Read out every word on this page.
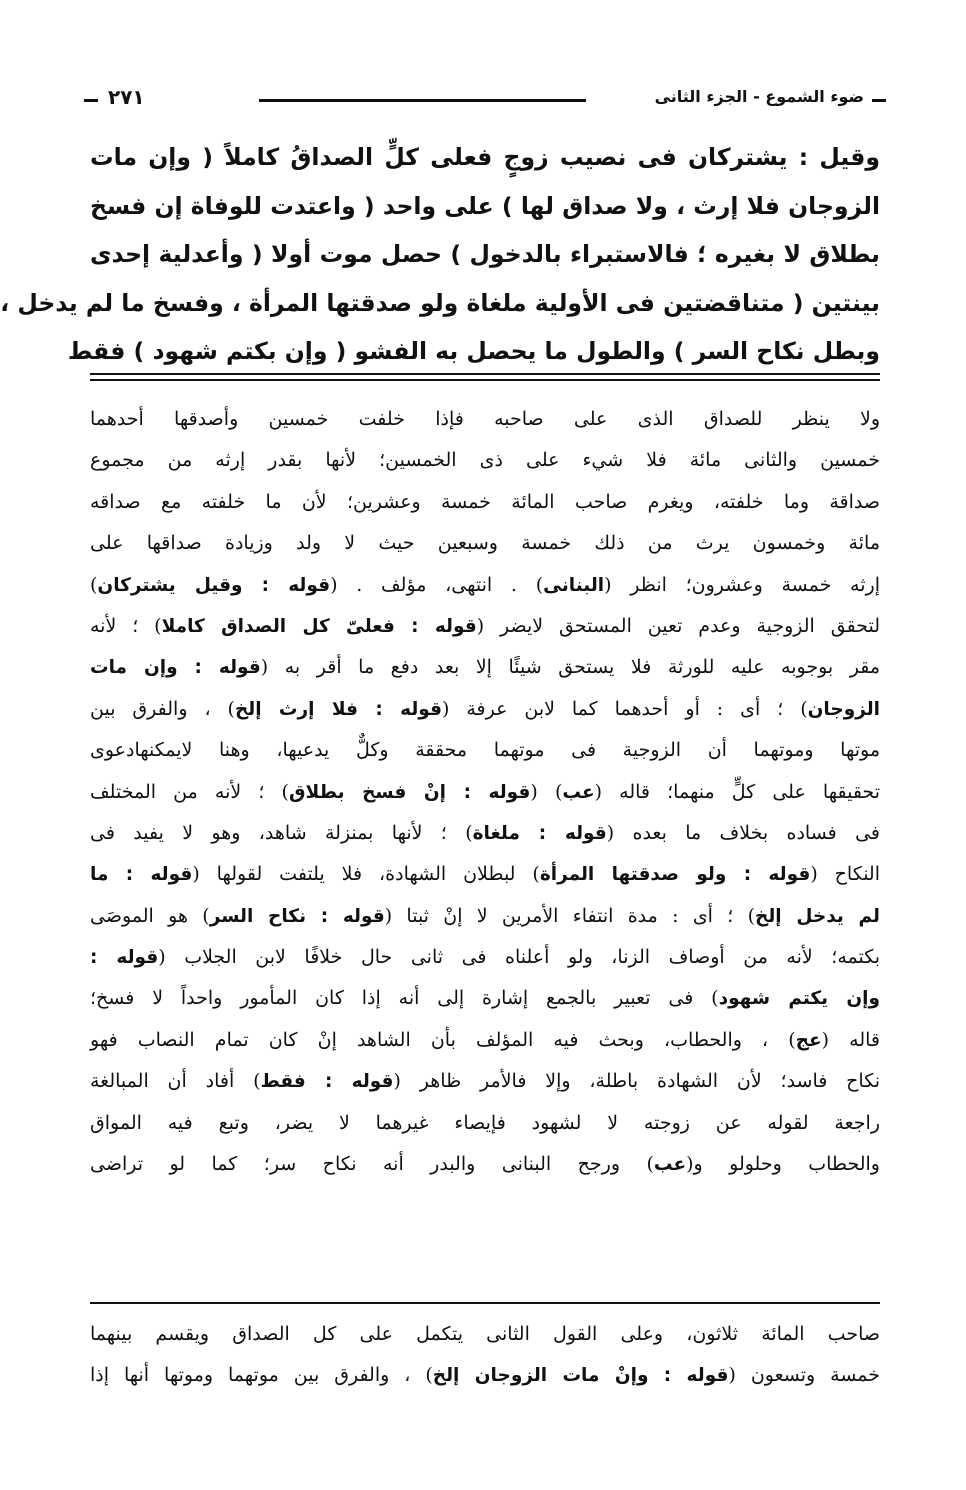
ضوء الشموع - الجزء الثانى
٢٧١
وقيل : يشتركان فى نصيب زوجٍ فعلى كلٍّ الصداقُ كاملاً ( وإن مات
الزوجان فلا إرث ، ولا صداق لها ) على واحد ( واعتدت للوفاة إن فسخ
بطلاق لا بغيره ؛ فالاستبراء بالدخول ) حصل موت أولا ( وأعدلية إحدى
بينتين ( متناقضتين فى الأولية ملغاة ولو صدقتها المرأة ، وفسخ ما لم يدخل ،
وبطل نكاح السر ) والطول ما يحصل به الفشو ( وإن بكتم شهود ) فقط
ولا ينظر للصداق الذى على صاحبه فإذا خلفت خمسين وأصدقها أحدهما
خمسين والثانى مائة فلا شيء على ذى الخمسين؛ لأنها بقدر إرثه من مجموع
صداقة وما خلفته، ويغرم صاحب المائة خمسة وعشرين؛ لأن ما خلفته مع صداقه
مائة وخمسون يرث من ذلك خمسة وسبعين حيث لا ولد وزيادة صداقها على
إرثه خمسة وعشرون؛ انظر (البنانى) . انتهى، مؤلف . (قوله : وقيل يشتركان)
لتحقق الزوجية وعدم تعين المستحق لايضر (قوله : فعلىّ كل الصداق كاملا) ؛ لأنه
مقر بوجوبه عليه للورثة فلا يستحق شيئًا إلا بعد دفع ما أقر به (قوله : وإن مات
الزوجان) ؛ أى : أو أحدهما كما لابن عرفة (قوله : فلا إرث إلخ) ، والفرق بين
موتها وموتهما أن الزوجية فى موتهما محققة وكلٌّ يدعيها، وهنا لايمكنهادعوى
تحقيقها على كلٍّ منهما؛ قاله (عب) (قوله : إنْ فسخ بطلاق) ؛ لأنه من المختلف
فى فساده بخلاف ما بعده (قوله : ملغاة) ؛ لأنها بمنزلة شاهد، وهو لا يفيد فى
النكاح (قوله : ولو صدقتها المرأة) لبطلان الشهادة، فلا يلتفت لقولها (قوله : ما
لم يدخل إلخ) ؛ أى : مدة انتفاء الأمرين لا إنْ ثبتا (قوله : نكاح السر) هو الموصَى
بكتمه؛ لأنه من أوصاف الزنا، ولو أعلناه فى ثانى حال خلافًا لابن الجلاب (قوله :
وإن يكتم شهود) فى تعبير بالجمع إشارة إلى أنه إذا كان المأمور واحداً لا فسخ؛
قاله (عج) ، والحطاب، وبحث فيه المؤلف بأن الشاهد إنْ كان تمام النصاب فهو
نكاح فاسد؛ لأن الشهادة باطلة، وإلا فالأمر ظاهر (قوله : فقط) أفاد أن المبالغة
راجعة لقوله عن زوجته لا لشهود فإيصاء غيرهما لا يضر، وتبع فيه المواق
والحطاب وحلولو و(عب) ورجح البنانى والبدر أنه نكاح سر؛ كما لو تراضى
صاحب المائة ثلاثون، وعلى القول الثانى يتكمل على كل الصداق ويقسم بينهما
خمسة وتسعون (قوله : وإنْ مات الزوجان إلخ) ، والفرق بين موتهما وموتها أنها إذا
